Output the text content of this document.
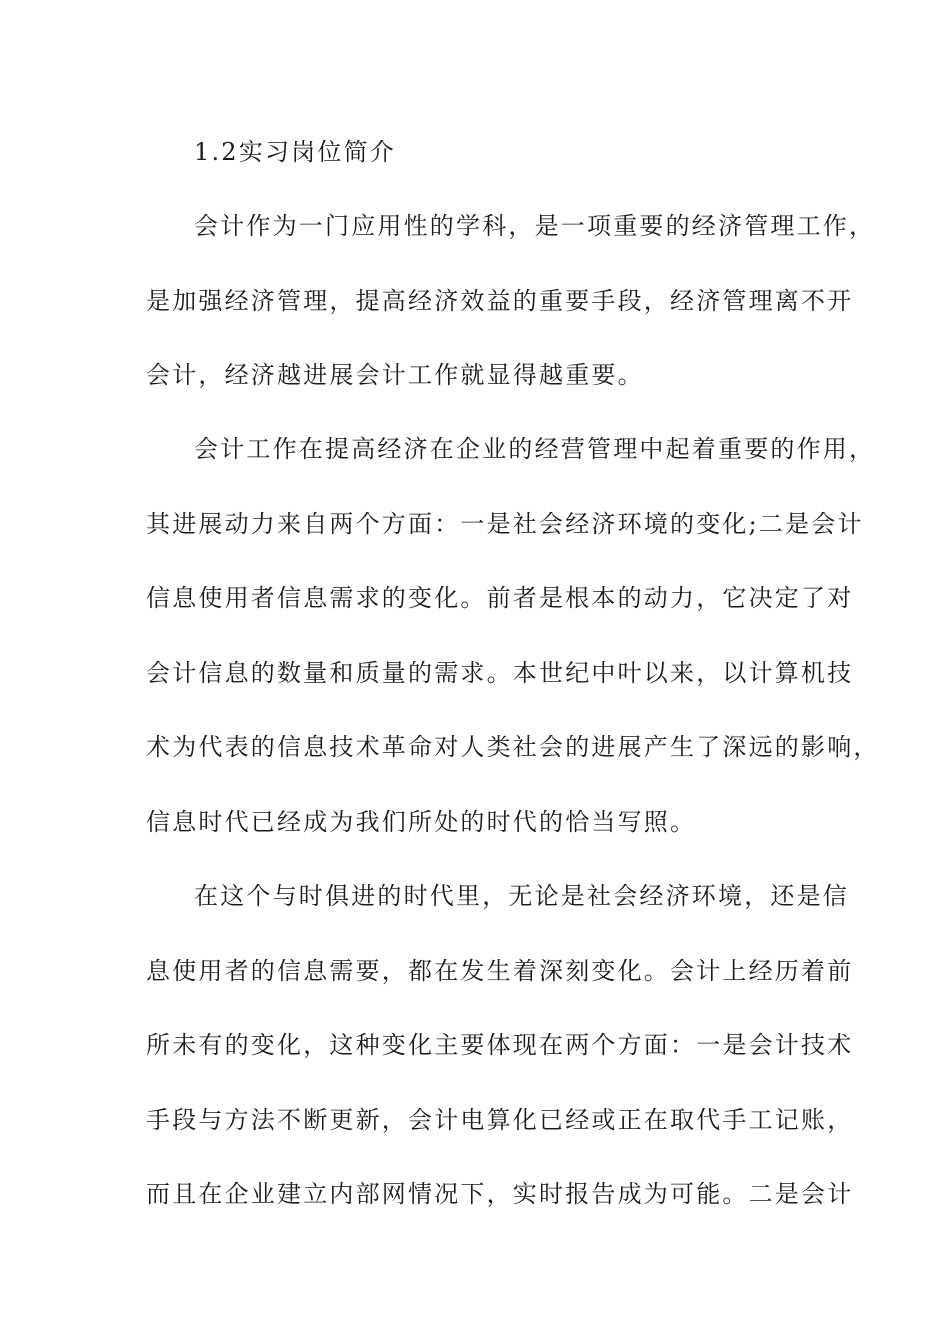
1.2实习岗位简介
会计作为一门应用性的学科，是一项重要的经济管理工作，
是加强经济管理，提高经济效益的重要手段，经济管理离不开
会计，经济越进展会计工作就显得越重要。
会计工作在提高经济在企业的经营管理中起着重要的作用，
其进展动力来自两个方面：一是社会经济环境的变化;二是会计
信息使用者信息需求的变化。前者是根本的动力，它决定了对
会计信息的数量和质量的需求。本世纪中叶以来，以计算机技
术为代表的信息技术革命对人类社会的进展产生了深远的影响，
信息时代已经成为我们所处的时代的恰当写照。
在这个与时俱进的时代里，无论是社会经济环境，还是信
息使用者的信息需要，都在发生着深刻变化。会计上经历着前
所未有的变化，这种变化主要体现在两个方面：一是会计技术
手段与方法不断更新，会计电算化已经或正在取代手工记账，
而且在企业建立内部网情况下，实时报告成为可能。二是会计
